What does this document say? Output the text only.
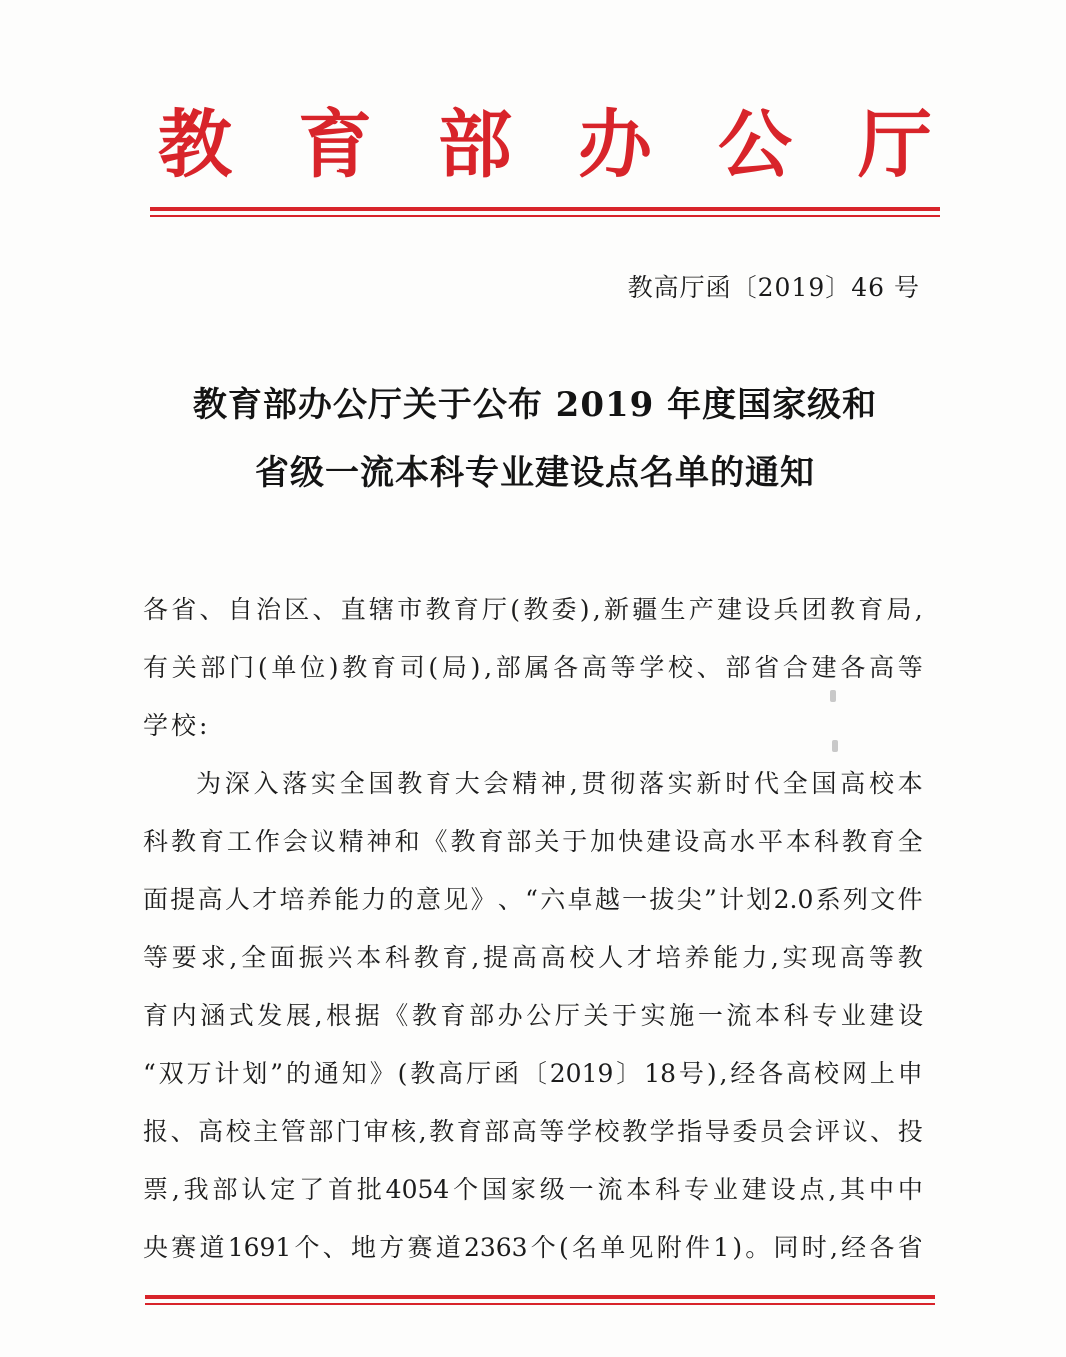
教 育 部 办 公 厅
教高厅函〔2019〕46 号
教育部办公厅关于公布 2019 年度国家级和
省级一流本科专业建设点名单的通知
各 省 、 自 治 区 、 直 辖 市 教 育 厅 ( 教 委 ) , 新 疆 生 产 建 设 兵 团 教 育 局 ,
有 关 部 门 ( 单 位 ) 教 育 司 ( 局 ) , 部 属 各 高 等 学 校 、 部 省 合 建 各 高 等
学校:
为 深 入 落 实 全 国 教 育 大 会 精 神 , 贯 彻 落 实 新 时 代 全 国 高 校 本
科 教 育 工 作 会 议 精 神 和 《 教 育 部 关 于 加 快 建 设 高 水 平 本 科 教 育 全
面 提 高 人 才 培 养 能 力 的 意 见 》 、 “ 六 卓 越 一 拔 尖 ” 计 划 2.0 系 列 文 件
等 要 求 , 全 面 振 兴 本 科 教 育 , 提 高 高 校 人 才 培 养 能 力 , 实 现 高 等 教
育 内 涵 式 发 展 , 根 据 《 教 育 部 办 公 厅 关 于 实 施 一 流 本 科 专 业 建 设
“ 双 万 计 划 ” 的 通 知 》 ( 教 高 厅 函 〔 2019 〕 18 号 ) , 经 各 高 校 网 上 申
报 、 高 校 主 管 部 门 审 核 , 教 育 部 高 等 学 校 教 学 指 导 委 员 会 评 议 、 投
票 , 我 部 认 定 了 首 批 4054 个 国 家 级 一 流 本 科 专 业 建 设 点 , 其 中 中
央 赛 道 1691 个 、 地 方 赛 道 2363 个 ( 名 单 见 附 件 1 ) 。 同 时 , 经 各 省
